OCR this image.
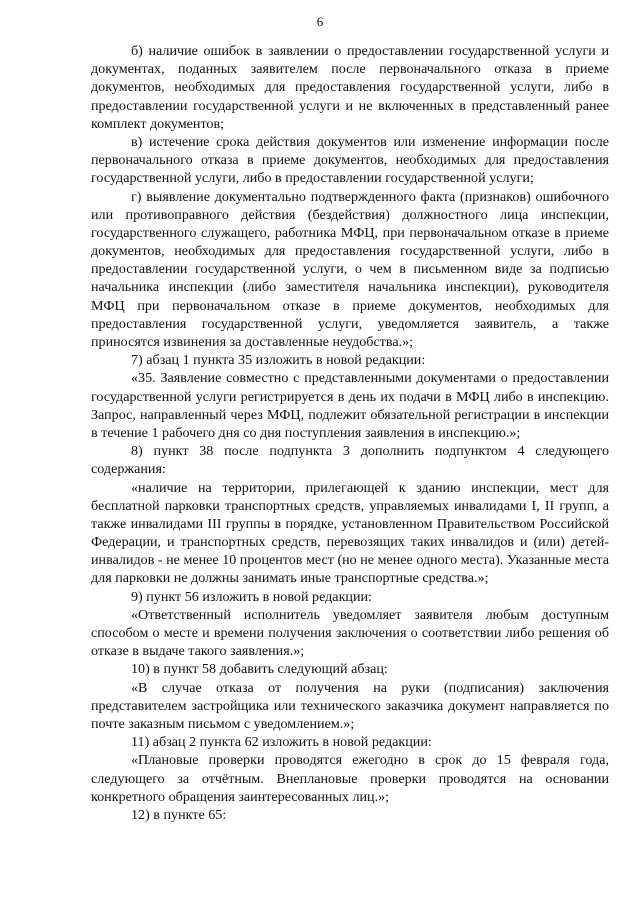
6

б) наличие ошибок в заявлении о предоставлении государственной услуги и документах, поданных заявителем после первоначального отказа в приеме документов, необходимых для предоставления государственной услуги, либо в предоставлении государственной услуги и не включенных в представленный ранее комплект документов;

в) истечение срока действия документов или изменение информации после первоначального отказа в приеме документов, необходимых для предоставления государственной услуги, либо в предоставлении государственной услуги;

г) выявление документально подтвержденного факта (признаков) ошибочного или противоправного действия (бездействия) должностного лица инспекции, государственного служащего, работника МФЦ, при первоначальном отказе в приеме документов, необходимых для предоставления государственной услуги, либо в предоставлении государственной услуги, о чем в письменном виде за подписью начальника инспекции (либо заместителя начальника инспекции), руководителя МФЦ при первоначальном отказе в приеме документов, необходимых для предоставления государственной услуги, уведомляется заявитель, а также приносятся извинения за доставленные неудобства.»;

7) абзац 1 пункта 35 изложить в новой редакции:

«35. Заявление совместно с представленными документами о предоставлении государственной услуги регистрируется в день их подачи в МФЦ либо в инспекцию. Запрос, направленный через МФЦ, подлежит обязательной регистрации в инспекции в течение 1 рабочего дня со дня поступления заявления в инспекцию.»;

8) пункт 38 после подпункта 3 дополнить подпунктом 4 следующего содержания:

«наличие на территории, прилегающей к зданию инспекции, мест для бесплатной парковки транспортных средств, управляемых инвалидами I, II групп, а также инвалидами III группы в порядке, установленном Правительством Российской Федерации, и транспортных средств, перевозящих таких инвалидов и (или) детей-инвалидов - не менее 10 процентов мест (но не менее одного места). Указанные места для парковки не должны занимать иные транспортные средства.»;

9) пункт 56 изложить в новой редакции:

«Ответственный исполнитель уведомляет заявителя любым доступным способом о месте и времени получения заключения о соответствии либо решения об отказе в выдаче такого заявления.»;

10) в пункт 58 добавить следующий абзац:

«В случае отказа от получения на руки (подписания) заключения представителем застройщика или технического заказчика документ направляется по почте заказным письмом с уведомлением.»;

11) абзац 2 пункта 62 изложить в новой редакции:

«Плановые проверки проводятся ежегодно в срок до 15 февраля года, следующего за отчётным. Внеплановые проверки проводятся на основании конкретного обращения заинтересованных лиц.»;

12) в пункте 65:
